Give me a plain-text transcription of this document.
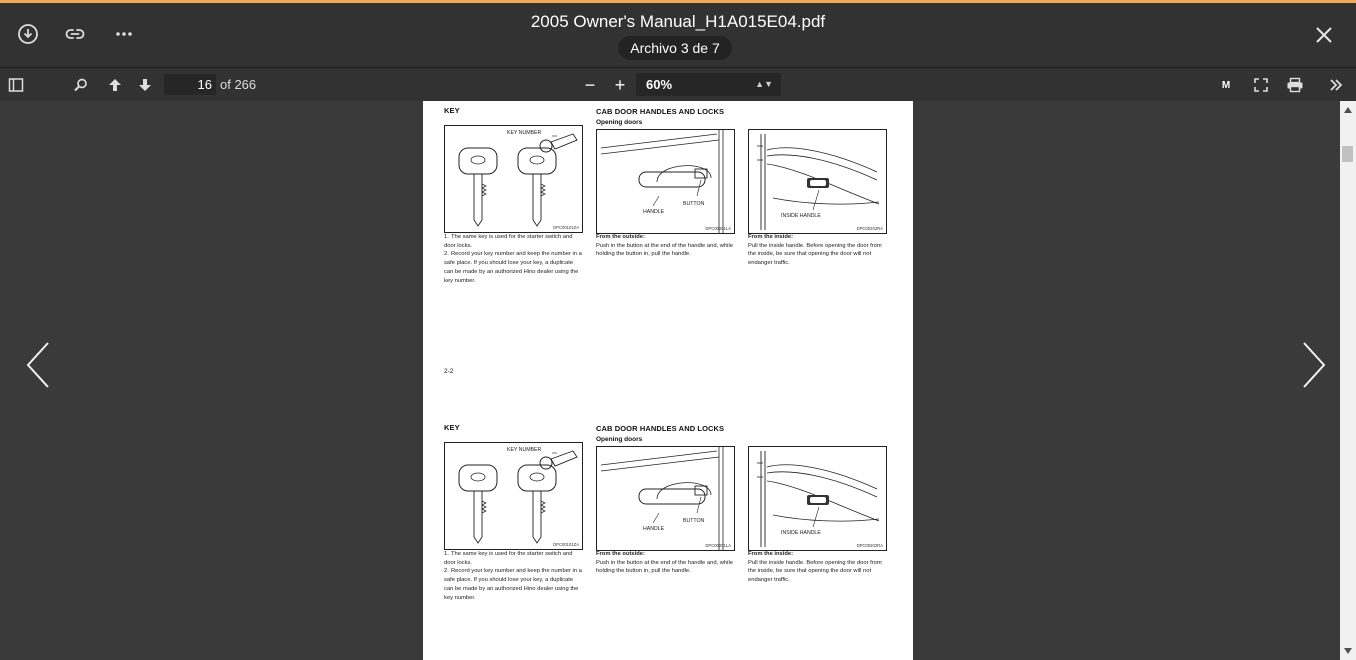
2005 Owner's Manual_H1A015E04.pdf
Archivo 3 de 7
16
of 266	−	+	60%	▲▼	M
KEY
KEY NUMBER
DPC00101ZA
1. The same key is used for the starter switch and door locks.
2. Record your key number and keep the number in a safe place. If you should lose your key, a duplicate can be made by an authorized Hino dealer using the key number.
CAB DOOR HANDLES AND LOCKS
Opening doors
HANDLE
BUTTON
DPC00201LA
From the outside:
Push in the button at the end of the handle and, while holding the button in, pull the handle.
INSIDE HANDLE
DPC00202RA
From the inside:
Pull the inside handle. Before opening the door from the inside, be sure that opening the door will not endanger traffic.
2-2
KEY
KEY NUMBER
DPC00101ZA
1. The same key is used for the starter switch and door locks.
2. Record your key number and keep the number in a safe place. If you should lose your key, a duplicate can be made by an authorized Hino dealer using the key number.
CAB DOOR HANDLES AND LOCKS
Opening doors
HANDLE
BUTTON
DPC00201LA
From the outside:
Push in the button at the end of the handle and, while holding the button in, pull the handle.
INSIDE HANDLE
DPC00202RA
From the inside:
Pull the inside handle. Before opening the door from the inside, be sure that opening the door will not endanger traffic.
